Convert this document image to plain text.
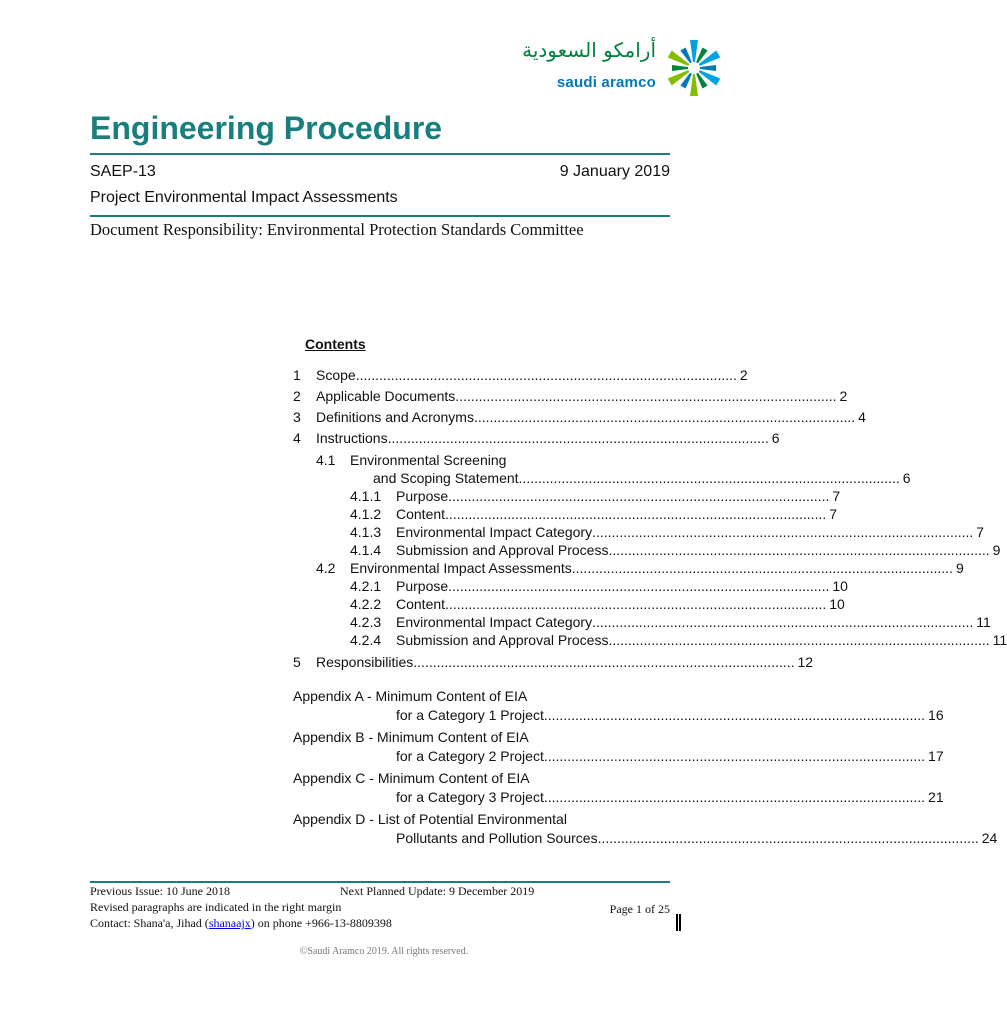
أرامكو السعودية
saudi aramco
Engineering Procedure
SAEP-13	9 January 2019
Project Environmental Impact Assessments
Document Responsibility: Environmental Protection Standards Committee
Contents
1 Scope .................................................................................................. 2
2 Applicable Documents .................................................................................................. 2
3 Definitions and Acronyms .................................................................................................. 4
4 Instructions .................................................................................................. 6
4.1 Environmental Screening
and Scoping Statement .................................................................................................. 6
4.1.1 Purpose .................................................................................................. 7
4.1.2 Content .................................................................................................. 7
4.1.3 Environmental Impact Category .................................................................................................. 7
4.1.4 Submission and Approval Process .................................................................................................. 9
4.2 Environmental Impact Assessments .................................................................................................. 9
4.2.1 Purpose .................................................................................................. 10
4.2.2 Content .................................................................................................. 10
4.2.3 Environmental Impact Category .................................................................................................. 11
4.2.4 Submission and Approval Process .................................................................................................. 11
5 Responsibilities .................................................................................................. 12
Appendix A - Minimum Content of EIA
for a Category 1 Project .................................................................................................. 16
Appendix B - Minimum Content of EIA
for a Category 2 Project .................................................................................................. 17
Appendix C - Minimum Content of EIA
for a Category 3 Project .................................................................................................. 21
Appendix D - List of Potential Environmental
Pollutants and Pollution Sources .................................................................................................. 24
Previous Issue: 10 June 2018	Next Planned Update: 9 December 2019
Revised paragraphs are indicated in the right margin	Page 1 of 25
Contact: Shana'a, Jihad (shanaajx) on phone +966-13-8809398
©Saudi Aramco 2019. All rights reserved.
